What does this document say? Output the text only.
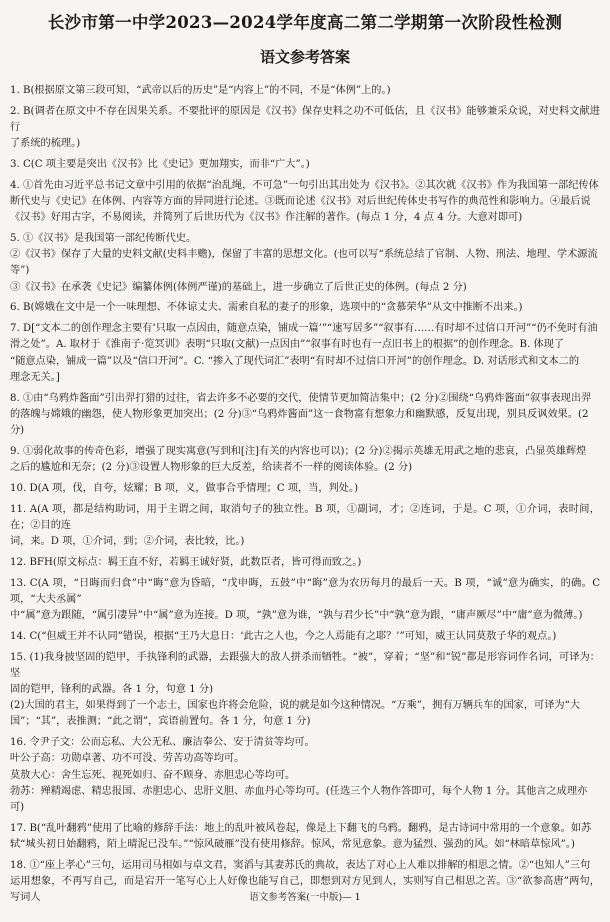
长沙市第一中学2023—2024学年度高二第二学期第一次阶段性检测
语文参考答案

1. B(根据原文第三段可知，“武帝以后的历史”是“内容上”的不同，不是“体例”上的。)

2. B(调者在原文中不存在因果关系。不要批评的原因是《汉书》保存史料之功不可低估，且《汉书》能够兼采众说，对史料文献进行

了系统的梳理。)

3. C(C 项主要是突出《汉书》比《史记》更加翔实，而非“广大”。)

4. ①首先由习近平总书记文章中引用的依据“治乱绳，不可急”一句引出其出处为《汉书》。②其次就《汉书》作为我国第一部纪传体

断代史与《史记》在体例、内容等方面的异同进行论述。③既而论述《汉书》对后世纪传体史书写作的典范性和影响力。④最后说

《汉书》好用古字，不易阅读，并简列了后世历代为《汉书》作注解的著作。(每点 1 分，4 点 4 分。大意对即可)

5. ①《汉书》是我国第一部纪传断代史。

②《汉书》保存了大量的史料文献(史料丰赡)，保留了丰富的思想文化。(也可以写“系统总结了官制、人物、刑法、地理、学术源流

等”)

③《汉书》在承袭《史记》编纂体例(体例严谨)的基础上，进一步确立了后世正史的体例。(每点 2 分)

6. B(嫦娥在文中是一个一味理想、不体谅丈夫、需索自私的妻子的形象，选项中的“贪慕荣华”从文中推断不出来。)

7. D[“文本二的创作理念主要有‘只取一点因由，随意点染，铺成一篇’”“速写居多”“叙事有……有时却不过信口开河”“仍不免时有油

滑之处”。A. 取材于《淮南子·览冥训》表明“只取(文献)一点因由”“叙事有时也有一点旧书上的根据”的创作理念。B. 体现了

“随意点染，铺成一篇”以及“信口开河”。C. “掺入了现代词汇”表明“有时却不过信口开河”的创作理念。D. 对话形式和文本二的

理念无关。]

8. ①由“乌鸦炸酱面”引出羿打猎的过往，省去许多不必要的交代，使情节更加简洁集中；(2 分)②围绕“乌鸦炸酱面”叙事表现出羿

的落魄与嫦娥的幽怨，使人物形象更加突出；(2 分)③“乌鸦炸酱面”这一食物富有想象力和幽默感，反复出现，别具反讽效果。(2

分)

9. ①弱化故事的传奇色彩，增强了现实寓意(写到和[注]有关的内容也可以)；(2 分)②揭示英雄无用武之地的悲哀，凸显英雄辉煌

之后的尴尬和无奈；(2 分)③设置人物形象的巨大反差，给读者不一样的阅读体验。(2 分)

10. D(A 项，伐，自夸，炫耀；B 项，义，做事合乎情理；C 项，当，判处。)

11. A(A 项，都是结构助词，用于主谓之间，取消句子的独立性。B 项，①副词，才；②连词，于是。C 项，①介词，表时间，在；②目的连

词，来。D 项，①介词，到；②介词，表比较，比。)

12. BFH(原文标点：羁王直不好，若羁王诚好贤，此数臣者，皆可得而致之。)

13. C(A 项，“日晦而归食”中“晦”意为昏暗，“戊申晦，五鼓”中“晦”意为农历每月的最后一天。B 项，“诚”意为确实，的确。C 项，“大夫丞属”

中“属”意为跟随，“属引凄异”中“属”意为连接。D 项，“孰”意为谁，“孰与君少长”中“孰”意为跟，“庸声厥尽”中“庸”意为微薄。)

14. C(“但威王并不认同”错误，根据“王乃大息日：‘此古之人也，今之人焉能有之耶？’”可知，威王认同莫敖子华的观点。)

15. (1)我身披坚固的铠甲，手执锋利的武器，去跟强大的敌人拼杀而牺牲。“被”，穿着；“坚”和“锐”都是形容词作名词，可译为：坚

固的铠甲，锋利的武器。各 1 分，句意 1 分)

(2)大国的君主，如果得到了一个志士，国家也许将会危险，说的就是如今这种情况。“万乘”，拥有万辆兵车的国家，可译为“大

国”；“其”，表推测；“此之谓”，宾语前置句。各 1 分，句意 1 分)

16. 令尹子文：公而忘私、大公无私、廉洁奉公、安于清贫等均可。

叶公子高：功勋卓著、功不可没、劳苦功高等均可。

莫敖大心：舍生忘死、视死如归、奋不顾身、赤胆忠心等均可。

勃苏：殚精竭虑、精忠报国、赤胆忠心、忠肝义胆、赤血丹心等均可。(任选三个人物作答即可，每个人物 1 分。其他言之成理亦

可)

17. B(“乱叶翻鸦”使用了比喻的修辞手法：地上的乱叶被风卷起，像是上下翻飞的乌鸦。翻鸦，是古诗词中常用的一个意象。如苏

轼“城头初日始翻鸦，陌上晴泥已没车。”“惊风破雁”没有使用修辞。惊风，常见意象。意为猛烈、强劲的风。如“林暗草惊风”。)

18. ①“座上孝心”三句，运用司马相如与卓文君，窦滔与其妻苏氏的典故，表达了对心上人难以排解的相思之情。②“也知人”三句

运用想象，不再写自己，而是宕开一笔写心上人好像也能写自己，即想到对方见到人，实则写自己相思之苦。③“欲参高唐”两句，写词人	语文参考答案(一中版)— 1
